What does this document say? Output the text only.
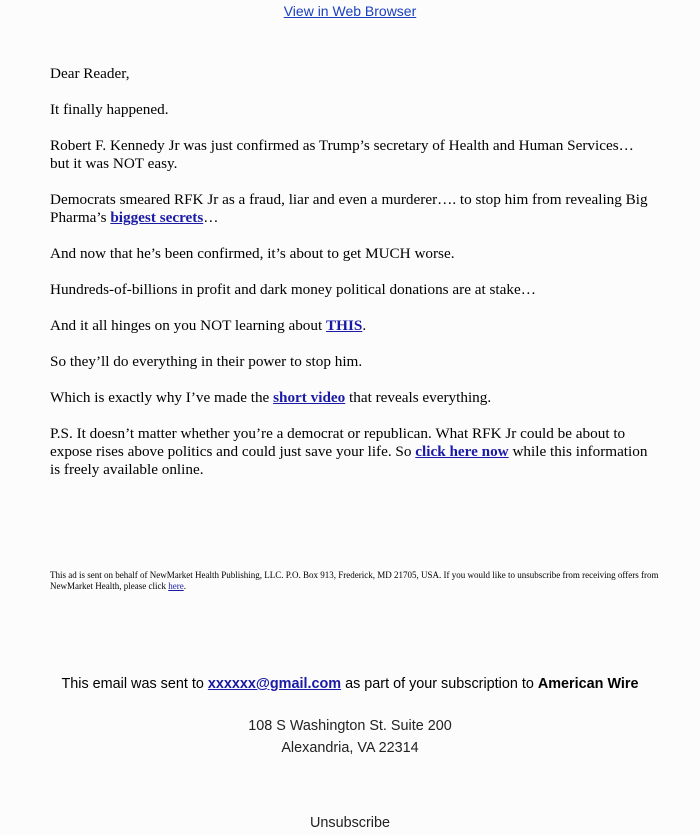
View in Web Browser

Dear Reader,

It finally happened.

Robert F. Kennedy Jr was just confirmed as Trump’s secretary of Health and Human Services… but it was NOT easy.

Democrats smeared RFK Jr as a fraud, liar and even a murderer…. to stop him from revealing Big Pharma’s biggest secrets…

And now that he’s been confirmed, it’s about to get MUCH worse.

Hundreds-of-billions in profit and dark money political donations are at stake…

And it all hinges on you NOT learning about THIS.

So they’ll do everything in their power to stop him.

Which is exactly why I’ve made the short video that reveals everything.

P.S. It doesn’t matter whether you’re a democrat or republican. What RFK Jr could be about to expose rises above politics and could just save your life. So click here now while this information is freely available online.

This ad is sent on behalf of NewMarket Health Publishing, LLC. P.O. Box 913, Frederick, MD 21705, USA. If you would like to unsubscribe from receiving offers from NewMarket Health, please click here.
This email was sent to xxxxxx@gmail.com as part of your subscription to American Wire
108 S Washington St. Suite 200
Alexandria, VA 22314
Unsubscribe
